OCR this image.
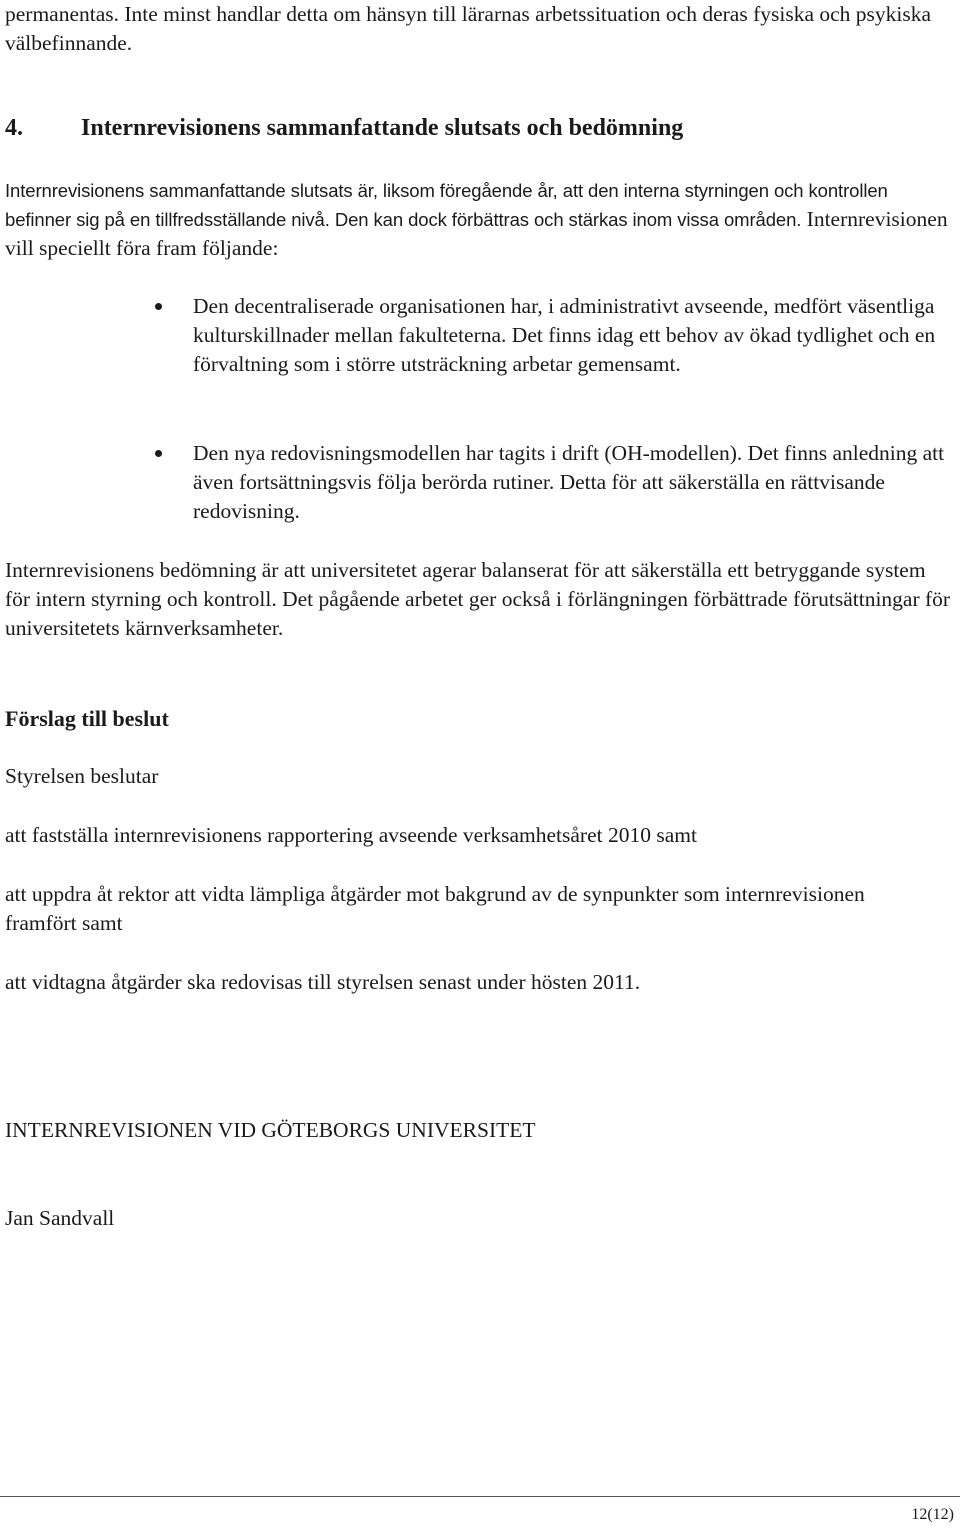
permanentas. Inte minst handlar detta om hänsyn till lärarnas arbetssituation och deras fysiska och psykiska välbefinnande.

4. Internrevisionens sammanfattande slutsats och bedömning

Internrevisionens sammanfattande slutsats är, liksom föregående år, att den interna styrningen och kontrollen befinner sig på en tillfredsställande nivå. Den kan dock förbättras och stärkas inom vissa områden. Internrevisionen vill speciellt föra fram följande:

Den decentraliserade organisationen har, i administrativt avseende, medfört väsentliga kulturskillnader mellan fakulteterna. Det finns idag ett behov av ökad tydlighet och en förvaltning som i större utsträckning arbetar gemensamt.
Den nya redovisningsmodellen har tagits i drift (OH-modellen). Det finns anledning att även fortsättningsvis följa berörda rutiner. Detta för att säkerställa en rättvisande redovisning.

Internrevisionens bedömning är att universitetet agerar balanserat för att säkerställa ett betryggande system för intern styrning och kontroll. Det pågående arbetet ger också i förlängningen förbättrade förutsättningar för universitetets kärnverksamheter.

Förslag till beslut

Styrelsen beslutar

att fastställa internrevisionens rapportering avseende verksamhetsåret 2010 samt

att uppdra åt rektor att vidta lämpliga åtgärder mot bakgrund av de synpunkter som internrevisionen framfört samt

att vidtagna åtgärder ska redovisas till styrelsen senast under hösten 2011.

INTERNREVISIONEN VID GÖTEBORGS UNIVERSITET

Jan Sandvall

12(12)
